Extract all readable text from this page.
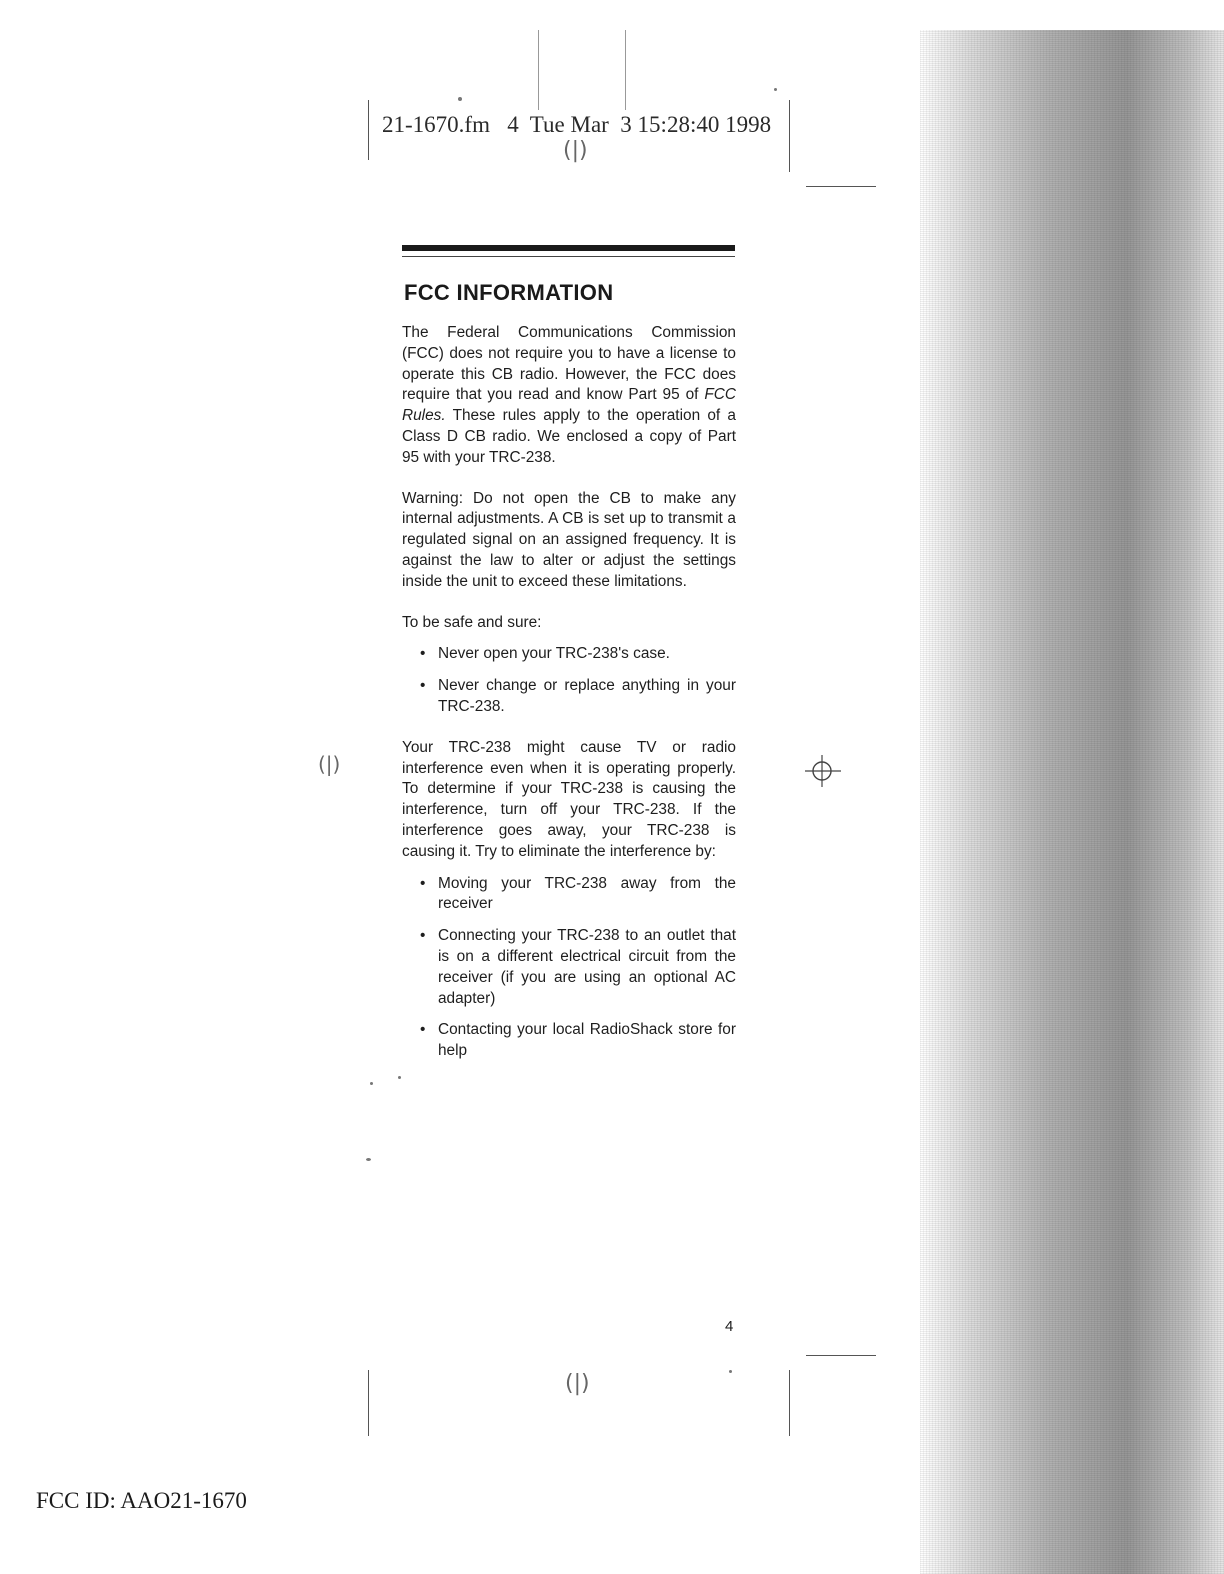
(|)
(|)
(|)
21-1670.fm   4  Tue Mar  3 15:28:40 1998
FCC INFORMATION

The Federal Communications Commission (FCC) does not require you to have a license to operate this CB radio. However, the FCC does require that you read and know Part 95 of FCC Rules. These rules apply to the operation of a Class D CB radio. We enclosed a copy of Part 95 with your TRC-238.

Warning: Do not open the CB to make any internal adjustments. A CB is set up to transmit a regulated signal on an assigned frequency. It is against the law to alter or adjust the settings inside the unit to exceed these limitations.

To be safe and sure:

• Never open your TRC-238's case.
• Never change or replace anything in your TRC-238.

Your TRC-238 might cause TV or radio interference even when it is operating properly. To determine if your TRC-238 is causing the interference, turn off your TRC-238. If the interference goes away, your TRC-238 is causing it. Try to eliminate the interference by:

• Moving your TRC-238 away from the receiver
• Connecting your TRC-238 to an outlet that is on a different electrical circuit from the receiver (if you are using an optional AC adapter)
• Contacting your local RadioShack store for help
4
FCC ID: AAO21-1670
